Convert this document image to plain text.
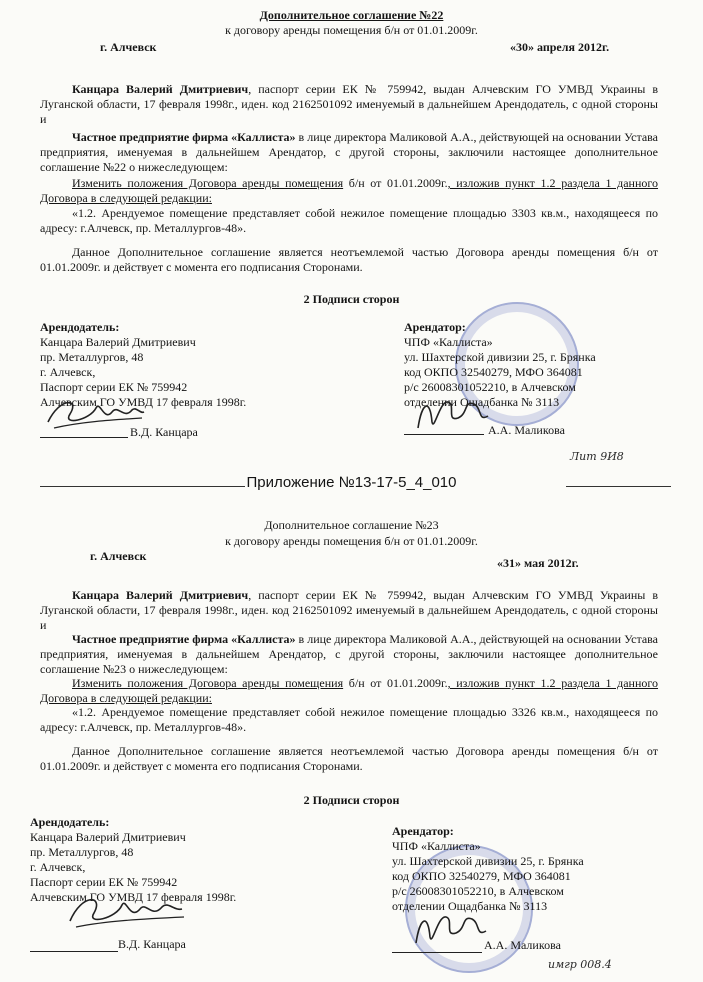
Дополнительное соглашение №22
к договору аренды помещения б/н от 01.01.2009г.
г. Алчевск	«30» апреля 2012г.
Канцара Валерий Дмитриевич, паспорт серии ЕК № 759942, выдан Алчевским ГО УМВД Украины в Луганской области, 17 февраля 1998г., иден. код 2162501092 именуемый в дальнейшем Арендодатель, с одной стороны и
Частное предприятие фирма «Каллиста» в лице директора Маликовой А.А., действующей на основании Устава предприятия, именуемая в дальнейшем Арендатор, с другой стороны, заключили настоящее дополнительное соглашение №22 о нижеследующем:
Изменить положения Договора аренды помещения б/н от 01.01.2009г., изложив пункт 1.2 раздела 1 данного Договора в следующей редакции:
«1.2. Арендуемое помещение представляет собой нежилое помещение площадью 3303 кв.м., находящееся по адресу: г.Алчевск, пр. Металлургов-48».
Данное Дополнительное соглашение является неотъемлемой частью Договора аренды помещения б/н от 01.01.2009г. и действует с момента его подписания Сторонами.
2 Подписи сторон
Арендодатель:
Канцара Валерий Дмитриевич
пр. Металлургов, 48
г. Алчевск,
Паспорт серии ЕК № 759942
Алчевским ГО УМВД 17 февраля 1998г.
В.Д. Канцара
Арендатор:
ЧПФ «Каллиста»
ул. Шахтерской дивизии 25, г. Брянка
код ОКПО 32540279, МФО 364081
р/с 26008301052210, в Алчевском
отделении Ощадбанка № 3113
А.А. Маликова
Лит 9И8
Приложение №13-17-5_4_010
Дополнительное соглашение №23
к договору аренды помещения б/н от 01.01.2009г.
г. Алчевск	«31» мая 2012г.
Канцара Валерий Дмитриевич, паспорт серии ЕК № 759942, выдан Алчевским ГО УМВД Украины в Луганской области, 17 февраля 1998г., иден. код 2162501092 именуемый в дальнейшем Арендодатель, с одной стороны и
Частное предприятие фирма «Каллиста» в лице директора Маликовой А.А., действующей на основании Устава предприятия, именуемая в дальнейшем Арендатор, с другой стороны, заключили настоящее дополнительное соглашение №23 о нижеследующем:
Изменить положения Договора аренды помещения б/н от 01.01.2009г., изложив пункт 1.2 раздела 1 данного Договора в следующей редакции:
«1.2. Арендуемое помещение представляет собой нежилое помещение площадью 3326 кв.м., находящееся по адресу: г.Алчевск, пр. Металлургов-48».
Данное Дополнительное соглашение является неотъемлемой частью Договора аренды помещения б/н от 01.01.2009г. и действует с момента его подписания Сторонами.
2 Подписи сторон
Арендодатель:
Канцара Валерий Дмитриевич
пр. Металлургов, 48
г. Алчевск,
Паспорт серии ЕК № 759942
Алчевским ГО УМВД 17 февраля 1998г.
В.Д. Канцара
Арендатор:
ЧПФ «Каллиста»
ул. Шахтерской дивизии 25, г. Брянка
код ОКПО 32540279, МФО 364081
р/с 26008301052210, в Алчевском
отделении Ощадбанка № 3113
А.А. Маликова
имгр 008.4
